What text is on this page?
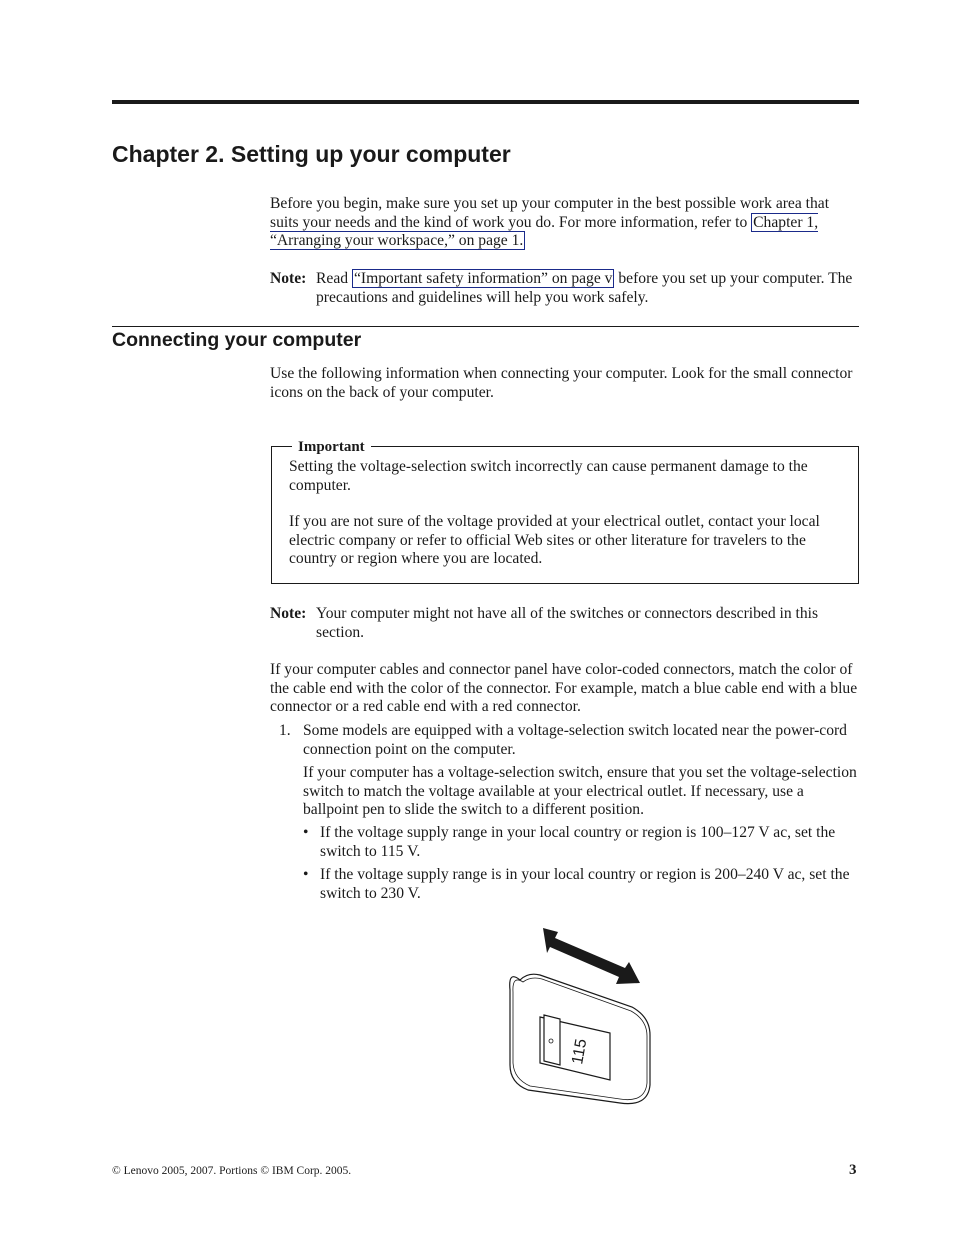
Chapter 2. Setting up your computer
Before you begin, make sure you set up your computer in the best possible work area that suits your needs and the kind of work you do. For more information, refer to Chapter 1, “Arranging your workspace,” on page 1.
Note: Read “Important safety information” on page v before you set up your computer. The precautions and guidelines will help you work safely.
Connecting your computer
Use the following information when connecting your computer. Look for the small connector icons on the back of your computer.
Important
Setting the voltage-selection switch incorrectly can cause permanent damage to the computer.
If you are not sure of the voltage provided at your electrical outlet, contact your local electric company or refer to official Web sites or other literature for travelers to the country or region where you are located.
Note: Your computer might not have all of the switches or connectors described in this section.
If your computer cables and connector panel have color-coded connectors, match the color of the cable end with the color of the connector. For example, match a blue cable end with a blue connector or a red cable end with a red connector.
1. Some models are equipped with a voltage-selection switch located near the power-cord connection point on the computer.
If your computer has a voltage-selection switch, ensure that you set the voltage-selection switch to match the voltage available at your electrical outlet. If necessary, use a ballpoint pen to slide the switch to a different position.
• If the voltage supply range in your local country or region is 100–127 V ac, set the switch to 115 V.
• If the voltage supply range is in your local country or region is 200–240 V ac, set the switch to 230 V.
115
© Lenovo 2005, 2007. Portions © IBM Corp. 2005.	3
